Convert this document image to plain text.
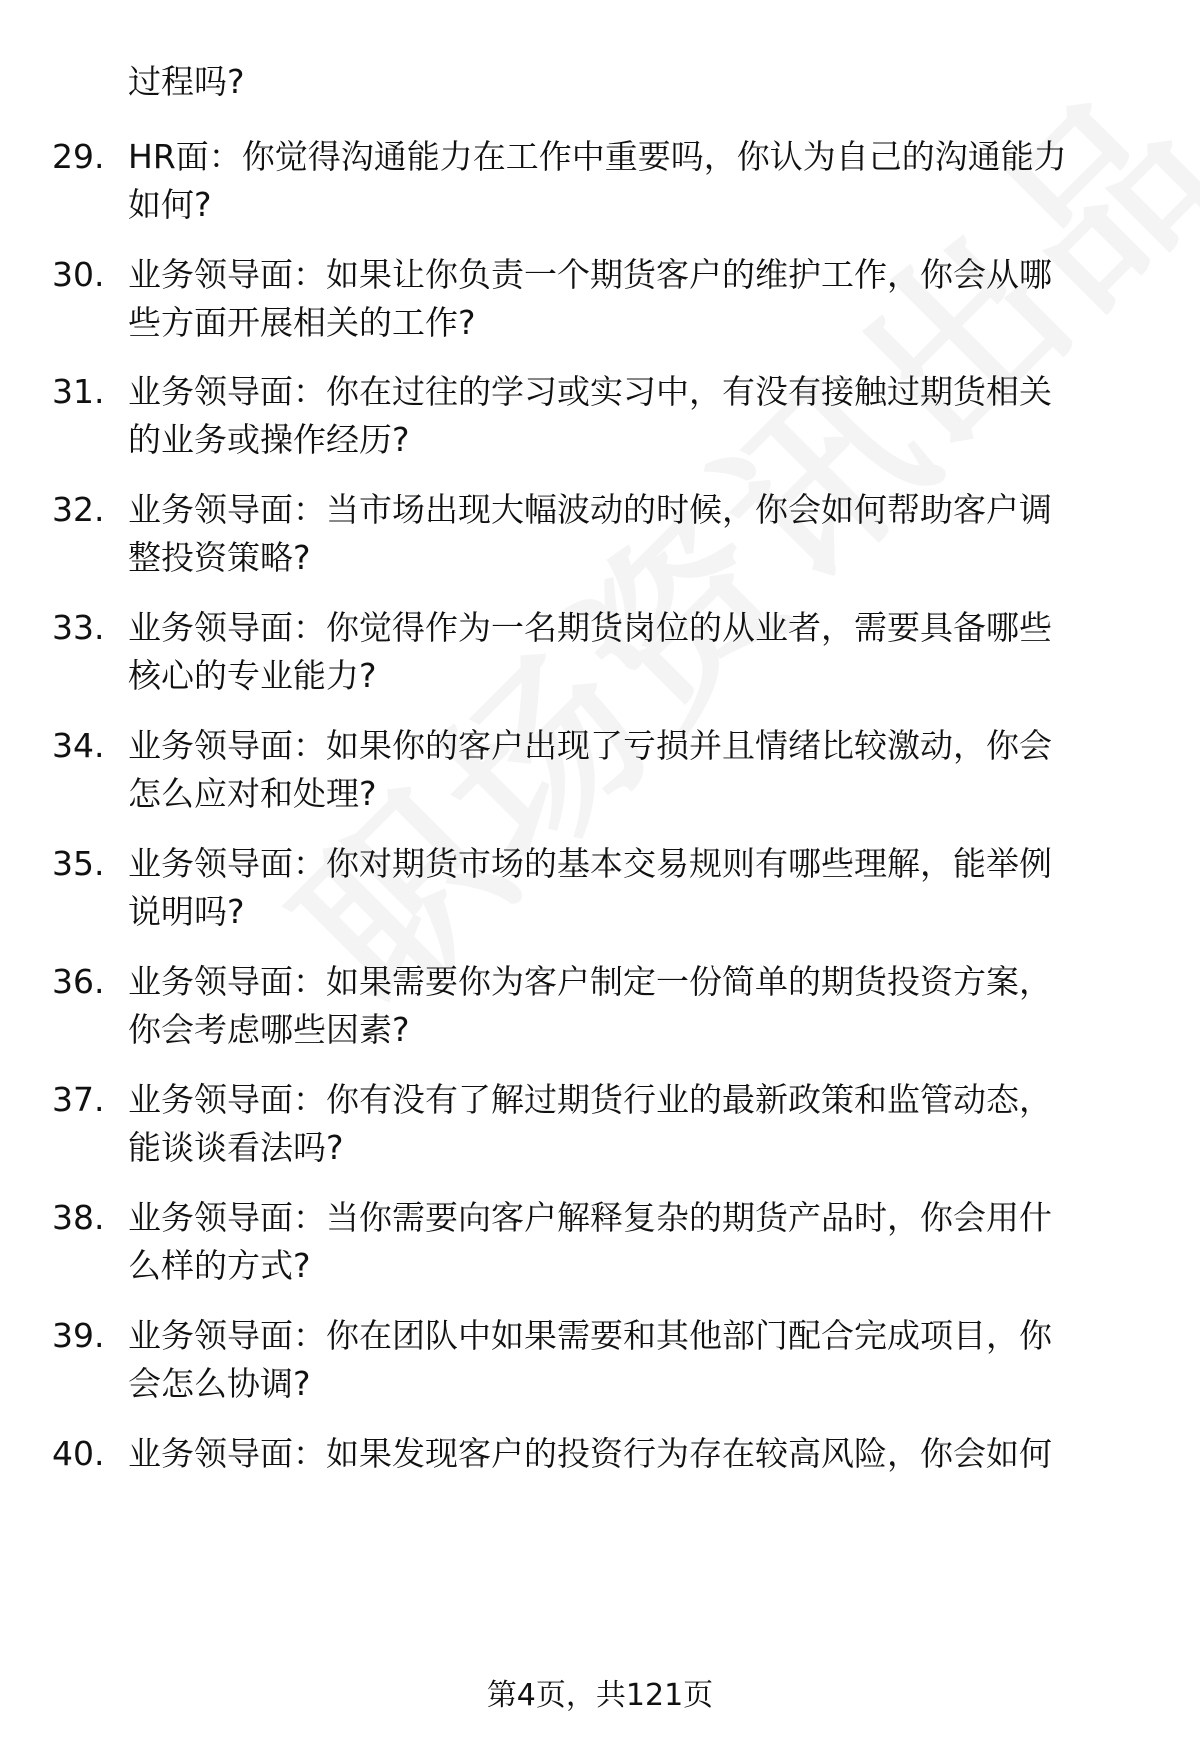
过程吗?

29. HR面：你觉得沟通能力在工作中重要吗，你认为自己的沟通能力
如何?
30. 业务领导面：如果让你负责一个期货客户的维护工作，你会从哪
些方面开展相关的工作?
31. 业务领导面：你在过往的学习或实习中，有没有接触过期货相关
的业务或操作经历?
32. 业务领导面：当市场出现大幅波动的时候，你会如何帮助客户调
整投资策略?
33. 业务领导面：你觉得作为一名期货岗位的从业者，需要具备哪些
核心的专业能力?
34. 业务领导面：如果你的客户出现了亏损并且情绪比较激动，你会
怎么应对和处理?
35. 业务领导面：你对期货市场的基本交易规则有哪些理解，能举例
说明吗?
36. 业务领导面：如果需要你为客户制定一份简单的期货投资方案，
你会考虑哪些因素?
37. 业务领导面：你有没有了解过期货行业的最新政策和监管动态，
能谈谈看法吗?
38. 业务领导面：当你需要向客户解释复杂的期货产品时，你会用什
么样的方式?
39. 业务领导面：你在团队中如果需要和其他部门配合完成项目，你
会怎么协调?
40. 业务领导面：如果发现客户的投资行为存在较高风险，你会如何
第4页，共121页
